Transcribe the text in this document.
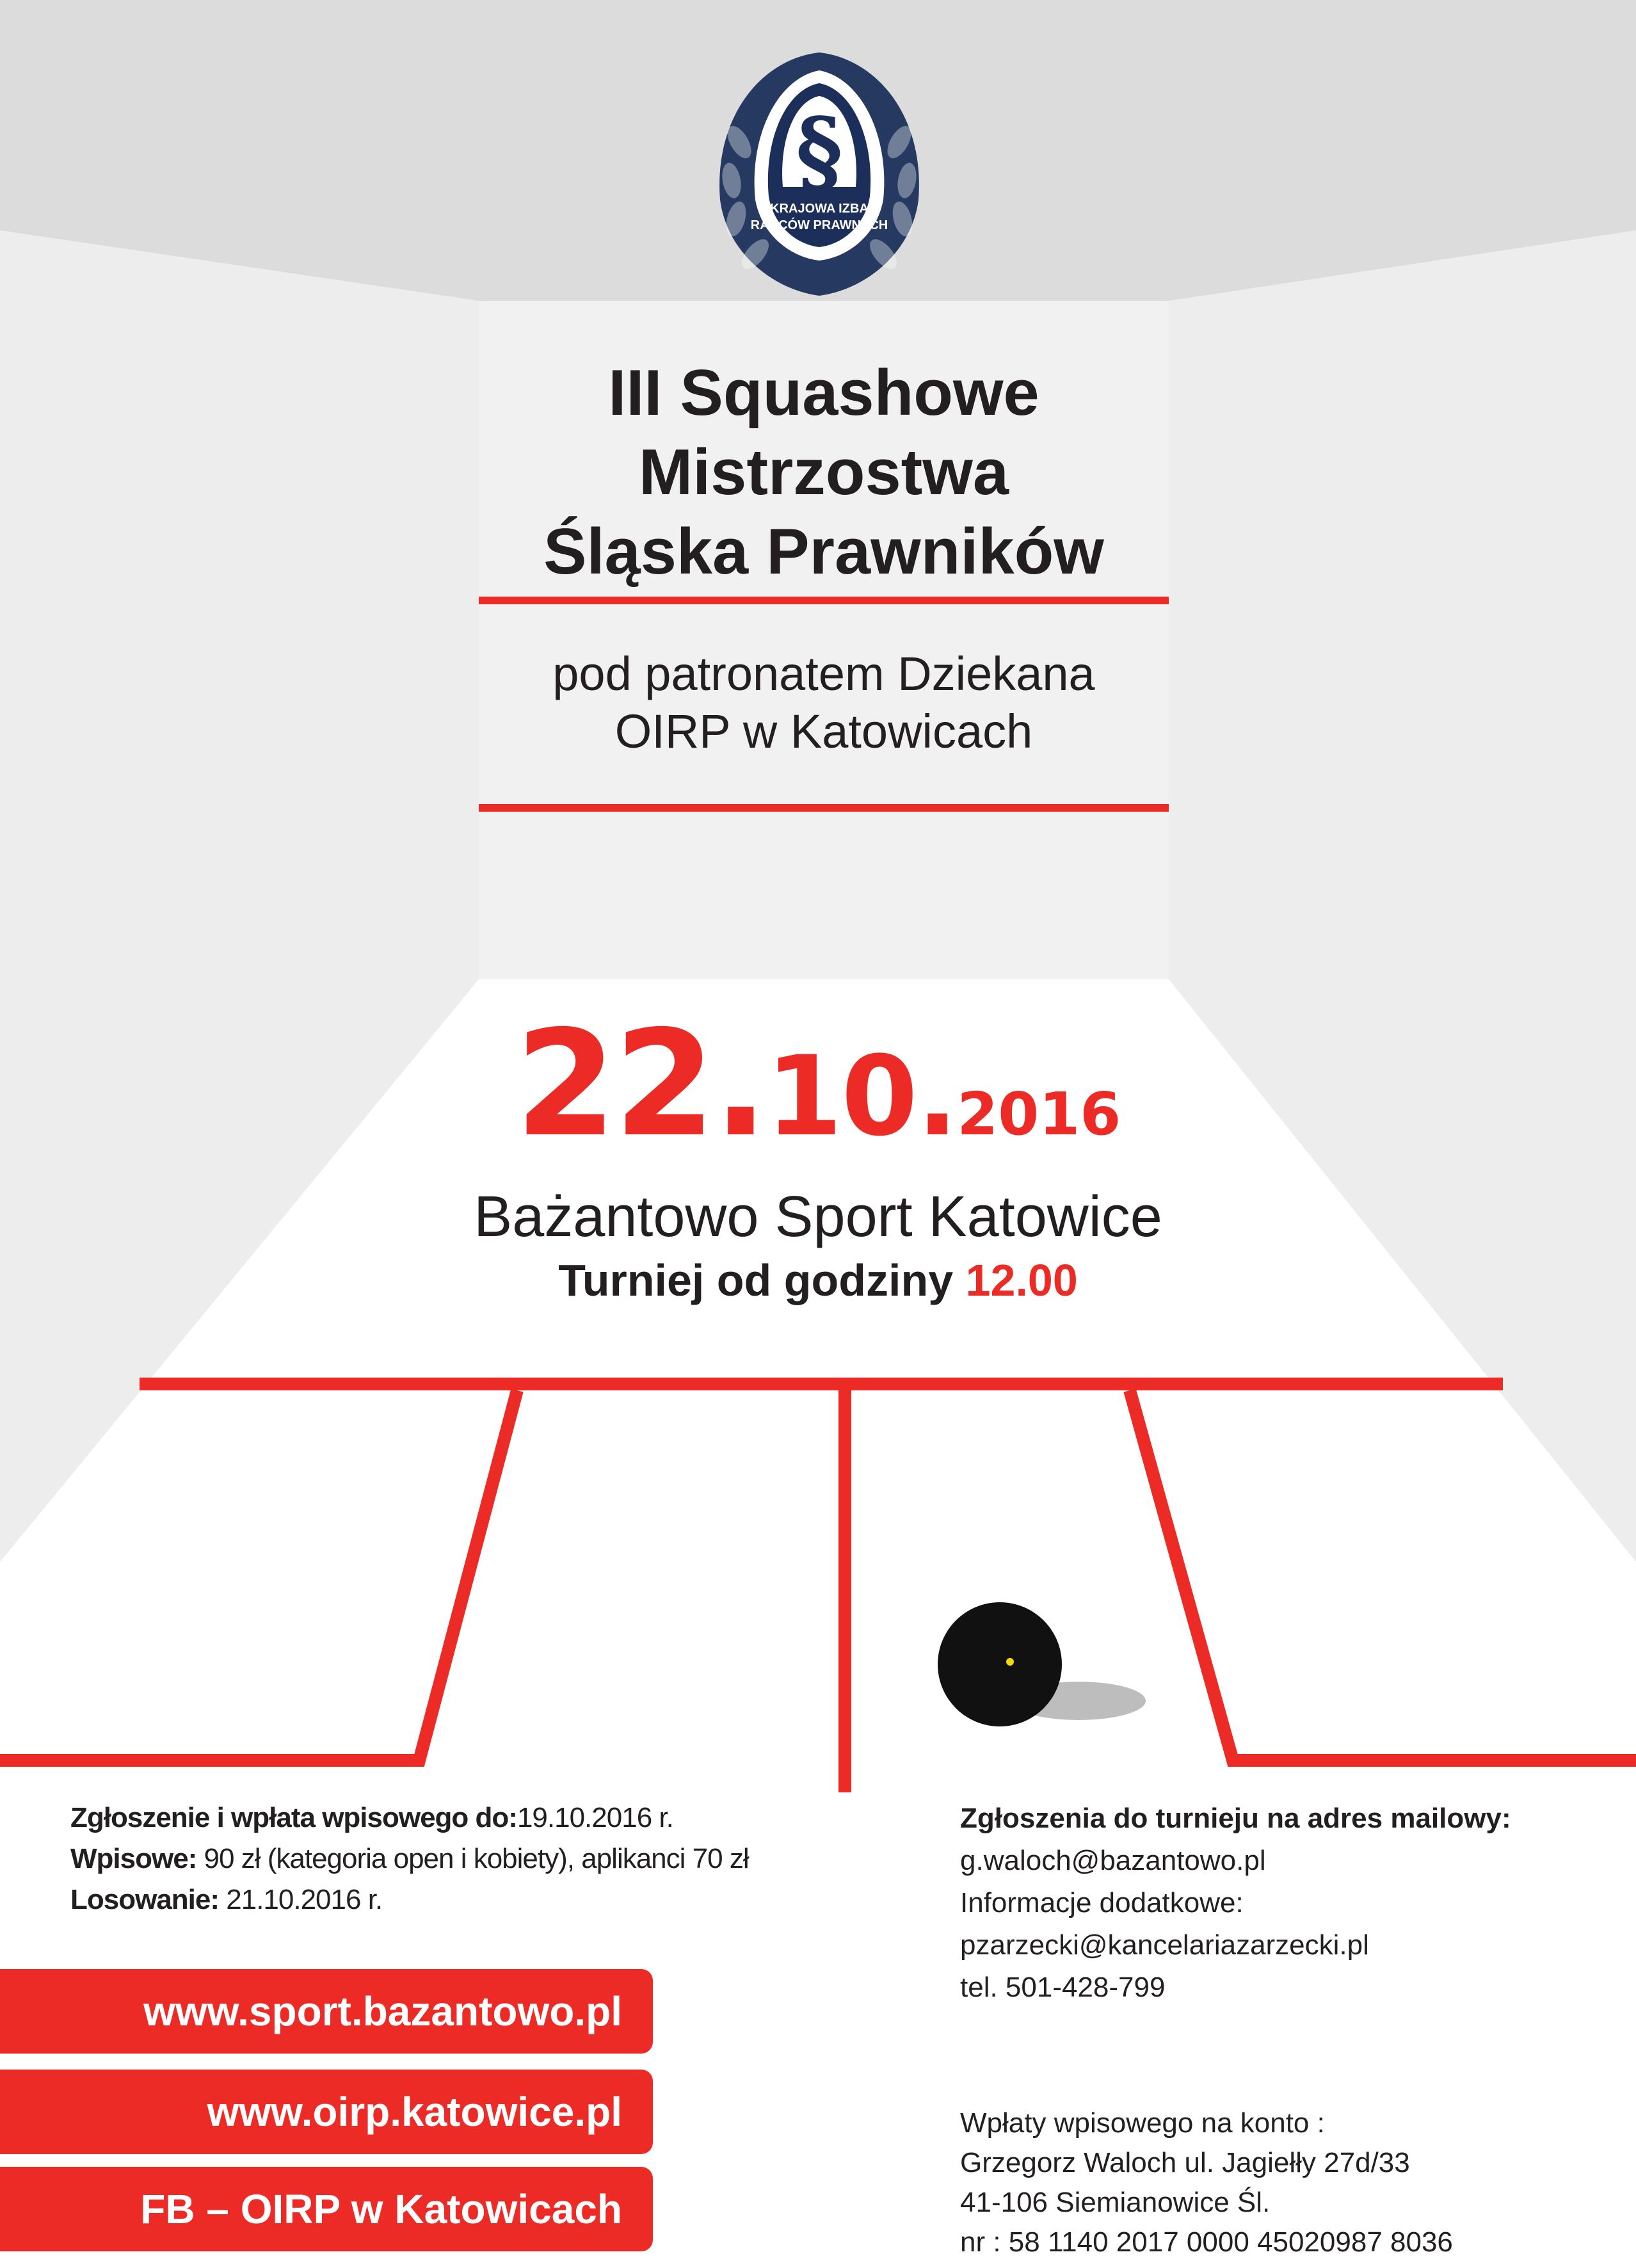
§
KRAJOWA IZBA
RADCÓW PRAWNYCH
III Squashowe
Mistrzostwa
Śląska Prawników
pod patronatem Dziekana
OIRP w Katowicach
22.10.2016
Bażantowo Sport Katowice
Turniej od godziny 12.00
Zgłoszenie i wpłata wpisowego do:19.10.2016 r.
Wpisowe: 90 zł (kategoria open i kobiety), aplikanci 70 zł
Losowanie: 21.10.2016 r.
Zgłoszenia do turnieju na adres mailowy:
g.waloch@bazantowo.pl
Informacje dodatkowe:
pzarzecki@kancelariazarzecki.pl
tel. 501-428-799
Wpłaty wpisowego na konto :
Grzegorz Waloch ul. Jagiełły 27d/33
41-106 Siemianowice Śl.
nr : 58 1140 2017 0000 45020987 8036
www.sport.bazantowo.pl
www.oirp.katowice.pl
FB – OIRP w Katowicach
